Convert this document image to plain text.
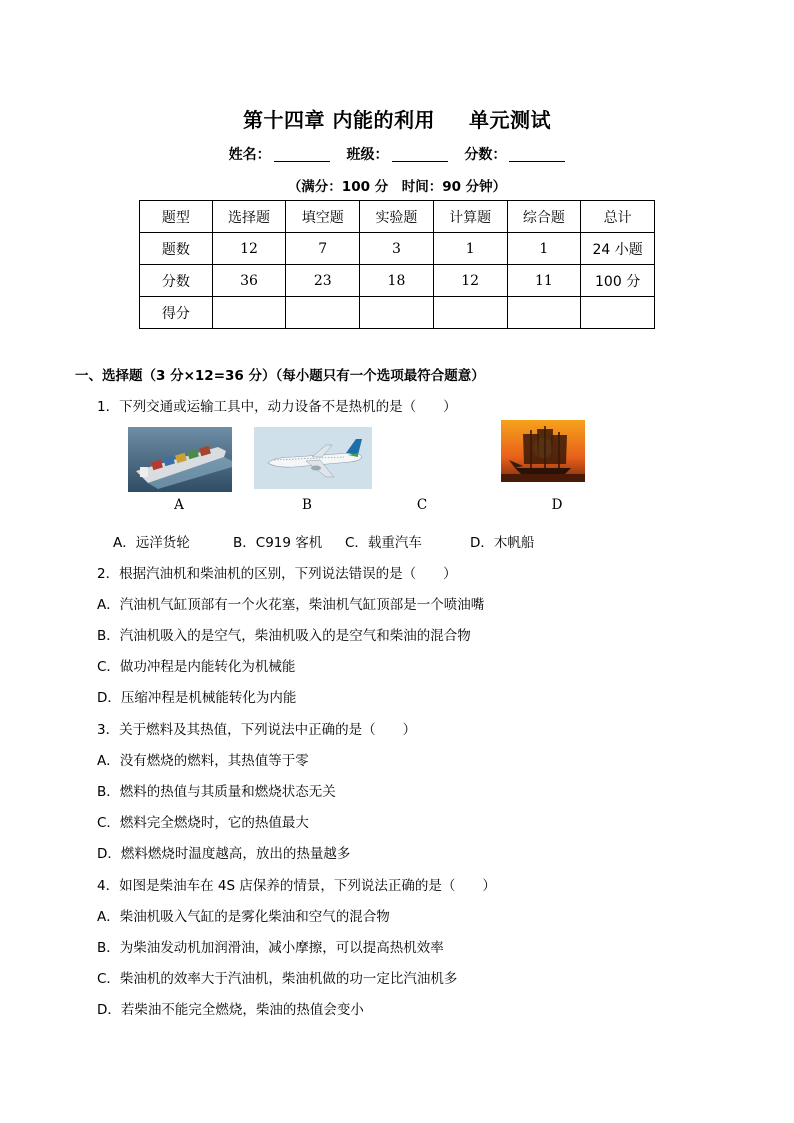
第十四章 内能的利用 单元测试
姓名：	班级：	分数：
（满分：100 分　时间：90 分钟）
题型	选择题	填空题	实验题	计算题	综合题	总计
题数	12	7	3	1	1	24 小题
分数	36	23	18	12	11	100 分
得分						
一、选择题（3 分×12=36 分）（每小题只有一个选项最符合题意）
1．下列交通或运输工具中，动力设备不是热机的是（　　）
A	B	C	D
A．远洋货轮	B．C919 客机 C．载重汽车	D．木帆船
2．根据汽油机和柴油机的区别，下列说法错误的是（　　）
A．汽油机气缸顶部有一个火花塞，柴油机气缸顶部是一个喷油嘴
B．汽油机吸入的是空气，柴油机吸入的是空气和柴油的混合物
C．做功冲程是内能转化为机械能
D．压缩冲程是机械能转化为内能
3．关于燃料及其热值，下列说法中正确的是（　　）
A．没有燃烧的燃料，其热值等于零
B．燃料的热值与其质量和燃烧状态无关
C．燃料完全燃烧时，它的热值最大
D．燃料燃烧时温度越高，放出的热量越多
4．如图是柴油车在 4S 店保养的情景，下列说法正确的是（　　）
A．柴油机吸入气缸的是雾化柴油和空气的混合物
B．为柴油发动机加润滑油，减小摩擦，可以提高热机效率
C．柴油机的效率大于汽油机，柴油机做的功一定比汽油机多
D．若柴油不能完全燃烧，柴油的热值会变小
